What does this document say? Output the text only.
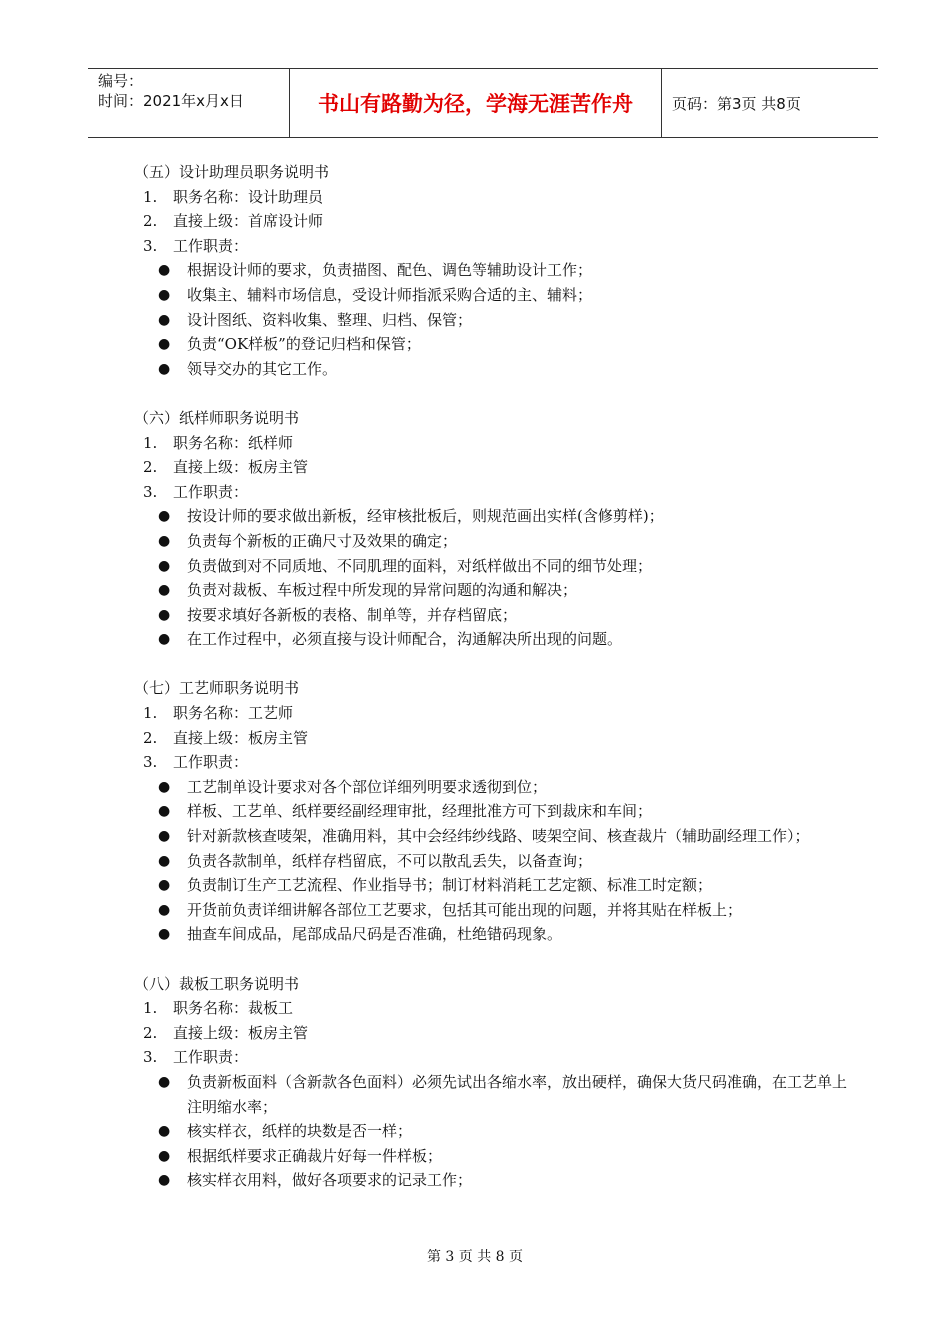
编号：
时间：2021年x月x日	书山有路勤为径，学海无涯苦作舟	页码：第3页 共8页
（五）设计助理员职务说明书
1. 职务名称：设计助理员
2. 直接上级：首席设计师
3. 工作职责：
● 根据设计师的要求，负责描图、配色、调色等辅助设计工作；
● 收集主、辅料市场信息，受设计师指派采购合适的主、辅料；
● 设计图纸、资料收集、整理、归档、保管；
● 负责“OK样板”的登记归档和保管；
● 领导交办的其它工作。
（六）纸样师职务说明书
1. 职务名称：纸样师
2. 直接上级：板房主管
3. 工作职责：
● 按设计师的要求做出新板，经审核批板后，则规范画出实样(含修剪样)；
● 负责每个新板的正确尺寸及效果的确定；
● 负责做到对不同质地、不同肌理的面料，对纸样做出不同的细节处理；
● 负责对裁板、车板过程中所发现的异常问题的沟通和解决；
● 按要求填好各新板的表格、制单等，并存档留底；
● 在工作过程中，必须直接与设计师配合，沟通解决所出现的问题。
（七）工艺师职务说明书
1. 职务名称：工艺师
2. 直接上级：板房主管
3. 工作职责：
● 工艺制单设计要求对各个部位详细列明要求透彻到位；
● 样板、工艺单、纸样要经副经理审批，经理批准方可下到裁床和车间；
● 针对新款核查唛架，准确用料，其中会经纬纱线路、唛架空间、核查裁片（辅助副经理工作）；
● 负责各款制单，纸样存档留底，不可以散乱丢失，以备查询；
● 负责制订生产工艺流程、作业指导书；制订材料消耗工艺定额、标准工时定额；
● 开货前负责详细讲解各部位工艺要求，包括其可能出现的问题，并将其贴在样板上；
● 抽查车间成品，尾部成品尺码是否准确，杜绝错码现象。
（八）裁板工职务说明书
1. 职务名称：裁板工
2. 直接上级：板房主管
3. 工作职责：
● 负责新板面料（含新款各色面料）必须先试出各缩水率，放出硬样，确保大货尺码准确，在工艺单上注明缩水率；
● 核实样衣，纸样的块数是否一样；
● 根据纸样要求正确裁片好每一件样板；
● 核实样衣用料，做好各项要求的记录工作；
第 3 页 共 8 页
